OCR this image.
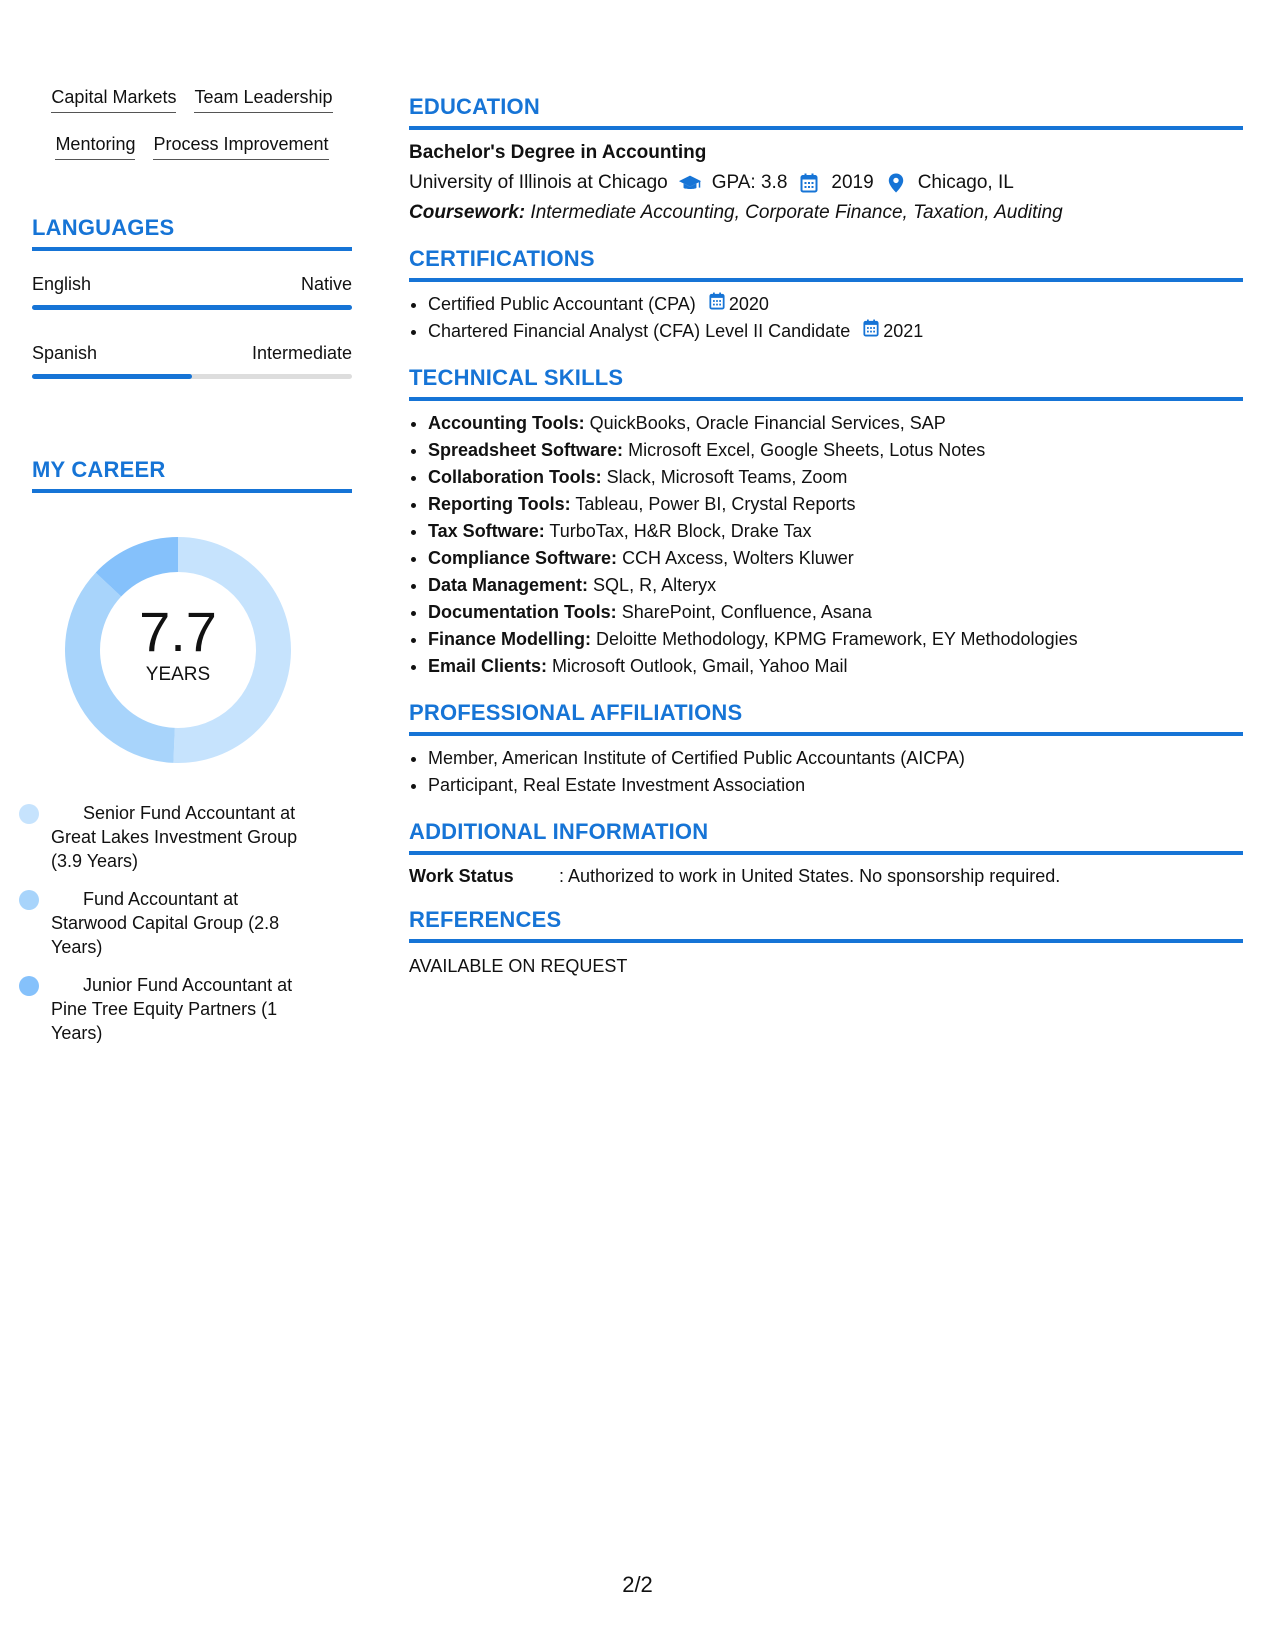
Capital Markets Team Leadership
Mentoring Process Improvement
LANGUAGES
English	Native
Spanish	Intermediate
MY CAREER
7.7
YEARS
Senior Fund Accountant at Great Lakes Investment Group (3.9 Years)
Fund Accountant at Starwood Capital Group (2.8 Years)
Junior Fund Accountant at Pine Tree Equity Partners (1 Years)
EDUCATION
Bachelor's Degree in Accounting
University of Illinois at Chicago GPA: 3.8 2019 Chicago, IL
Coursework: Intermediate Accounting, Corporate Finance, Taxation, Auditing
CERTIFICATIONS
• Certified Public Accountant (CPA) 2020
• Chartered Financial Analyst (CFA) Level II Candidate 2021
TECHNICAL SKILLS
• Accounting Tools: QuickBooks, Oracle Financial Services, SAP
• Spreadsheet Software: Microsoft Excel, Google Sheets, Lotus Notes
• Collaboration Tools: Slack, Microsoft Teams, Zoom
• Reporting Tools: Tableau, Power BI, Crystal Reports
• Tax Software: TurboTax, H&R Block, Drake Tax
• Compliance Software: CCH Axcess, Wolters Kluwer
• Data Management: SQL, R, Alteryx
• Documentation Tools: SharePoint, Confluence, Asana
• Finance Modelling: Deloitte Methodology, KPMG Framework, EY Methodologies
• Email Clients: Microsoft Outlook, Gmail, Yahoo Mail
PROFESSIONAL AFFILIATIONS
• Member, American Institute of Certified Public Accountants (AICPA)
• Participant, Real Estate Investment Association
ADDITIONAL INFORMATION
Work Status	: Authorized to work in United States. No sponsorship required.
REFERENCES
AVAILABLE ON REQUEST
2/2
